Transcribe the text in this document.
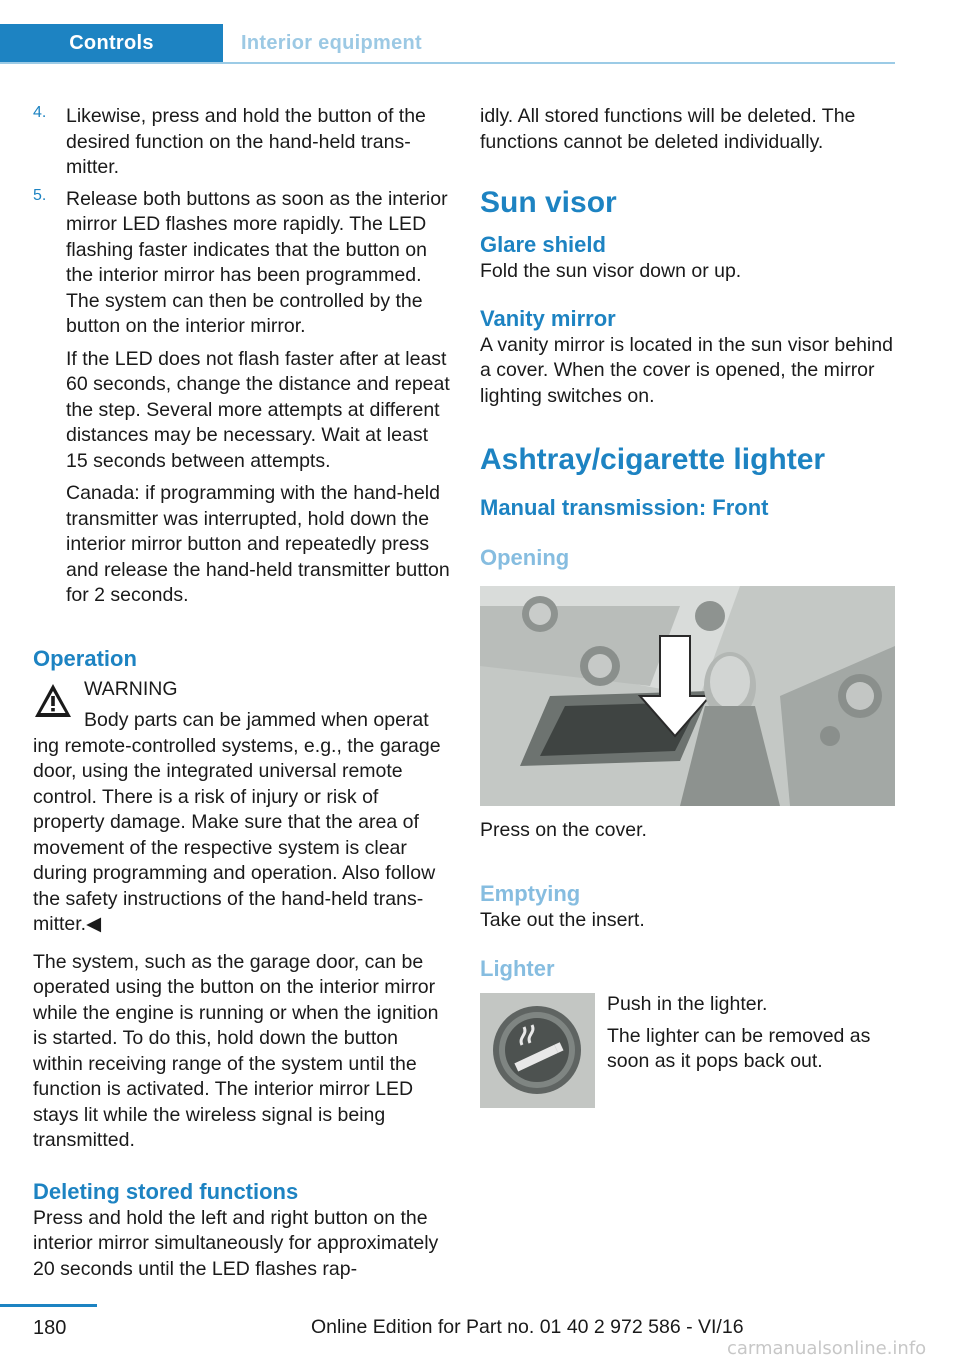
Controls	Interior equipment
4. Likewise, press and hold the button of the desired function on the hand-held transmitter.

5. Release both buttons as soon as the interior mirror LED flashes more rapidly. The LED flashing faster indicates that the button on the interior mirror has been programmed. The system can then be controlled by the button on the interior mirror.

If the LED does not flash faster after at least 60 seconds, change the distance and repeat the step. Several more attempts at different distances may be necessary. Wait at least 15 seconds between attempts.

Canada: if programming with the hand-held transmitter was interrupted, hold down the interior mirror button and repeatedly press and release the hand-held transmitter button for 2 seconds.

Operation

WARNING

Body parts can be jammed when operat

ing remote-controlled systems, e.g., the garage door, using the integrated universal remote control. There is a risk of injury or risk of property damage. Make sure that the area of movement of the respective system is clear during programming and operation. Also follow the safety instructions of the hand-held transmitter.◀

The system, such as the garage door, can be operated using the button on the interior mirror while the engine is running or when the ignition is started. To do this, hold down the button within receiving range of the system until the function is activated. The interior mirror LED stays lit while the wireless signal is being transmitted.

Deleting stored functions

Press and hold the left and right button on the interior mirror simultaneously for approximately 20 seconds until the LED flashes rap-

idly. All stored functions will be deleted. The functions cannot be deleted individually.

Sun visor
Glare shield

Fold the sun visor down or up.

Vanity mirror

A vanity mirror is located in the sun visor behind a cover. When the cover is opened, the mirror lighting switches on.

Ashtray/cigarette lighter
Manual transmission: Front
Opening

Press on the cover.

Emptying

Take out the insert.

Lighter

Push in the lighter.

The lighter can be removed as soon as it pops back out.

180	Online Edition for Part no. 01 40 2 972 586 - VI/16
carmanualsonline.info
